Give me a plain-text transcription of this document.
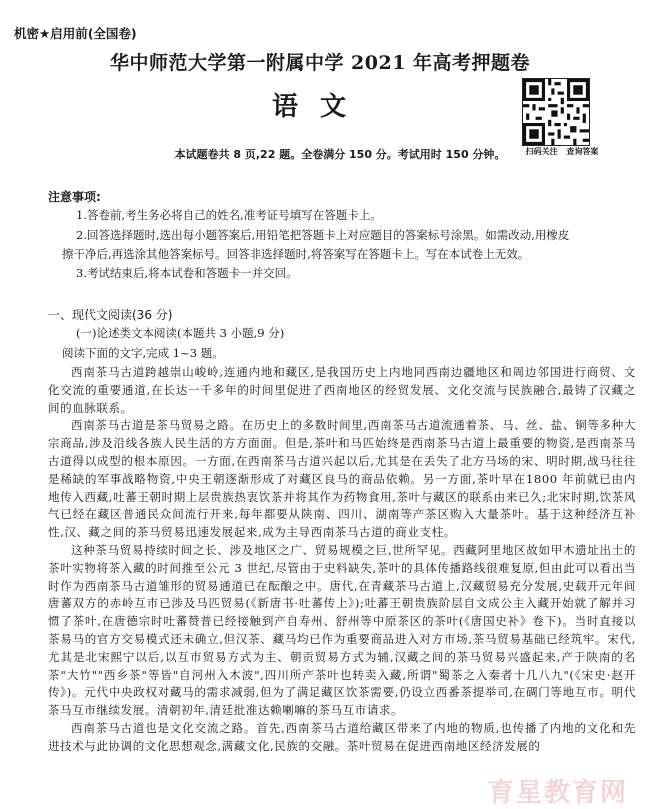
机密★启用前(全国卷)
华中师范大学第一附属中学 2021 年高考押题卷
语文
扫码关注 查询答案
本试题卷共 8 页,22 题。全卷满分 150 分。考试用时 150 分钟。
注意事项:
1.答卷前,考生务必将自己的姓名,准考证号填写在答题卡上。
2.回答选择题时,选出每小题答案后,用铅笔把答题卡上对应题目的答案标号涂黑。如需改动,用橡皮
擦干净后,再选涂其他答案标号。回答非选择题时,将答案写在答题卡上。写在本试卷上无效。
3.考试结束后,将本试卷和答题卡一并交回。
一、现代文阅读(36 分)
(一)论述类文本阅读(本题共 3 小题,9 分)
阅读下面的文字,完成 1~3 题。

西南茶马古道跨越崇山峻岭,连通内地和藏区,是我国历史上内地同西南边疆地区和周边邻国进行商贸、文化交流的重要通道,在长达一千多年的时间里促进了西南地区的经贸发展、文化交流与民族融合,最铸了汉藏之间的血脉联系。

西南茶马古道是茶马贸易之路。在历史上的多数时间里,西南茶马古道流通着茶、马、丝、盐、铜等多种大宗商品,涉及沿线各族人民生活的方方面面。但是,茶叶和马匹始终是西南茶马古道上最重要的物资,是西南茶马古道得以成型的根本原因。一方面,在西南茶马古道兴起以后,尤其是在丢失了北方马场的宋、明时期,战马往往是稀缺的军事战略物资,中央王朝逐渐形成了对藏区良马的商品依赖。另一方面,茶叶早在1800 年前就已由内地传入西藏,吐蕃王朝时期上层贵族热衷饮茶并将其作为药物食用,茶叶与藏区的联系由来已久;北宋时期,饮茶风气已经在藏区普通民众间流行开来,每年都要从陕南、四川、湖南等产茶区购入大量茶叶。基于这种经济互补性,汉、藏之间的茶马贸易迅速发展起来,成为主导西南茶马古道的商业支柱。

这种茶马贸易持续时间之长、涉及地区之广、贸易规模之巨,世所罕见。西藏阿里地区故如甲木遗址出土的茶叶实物将茶入藏的时间推至公元 3 世纪,尽管由于史料缺失,茶叶的具体传播路线很难复原,但由此可以看出当时作为西南茶马古道雏形的贸易通道已在酝酿之中。唐代,在青藏茶马古道上,汉藏贸易充分发展,史载开元年间唐蕃双方的赤岭互市已涉及马匹贸易(《新唐书·吐蕃传上》);吐蕃王朝贵族阶层自文成公主入藏开始就了解并习惯了茶叶,在唐德宗时吐蕃赞普已经接触到产自寿州、舒州等中原茶区的茶叶(《唐国史补》卷下)。当时直接以茶易马的官方交易模式还未确立,但汉茶、藏马均已作为重要商品进入对方市场,茶马贸易基础已经筑牢。宋代,尤其是北宋熙宁以后,以互市贸易方式为主、朝贡贸易方式为辅,汉藏之间的茶马贸易兴盛起来,产于陕南的名茶"大竹""西乡茶"等皆"自河州入木波",四川所产茶叶也转卖入藏,所谓"蜀茶之入秦者十几八九"(《宋史·赵开传》)。元代中央政权对藏马的需求减弱,但为了满足藏区饮茶需要,仍设立西番茶提举司,在碉门等地互市。明代茶马互市继续发展。清朝初年,清廷批准达赖喇嘛的茶马互市请求。

西南茶马古道也是文化交流之路。首先,西南茶马古道给藏区带来了内地的物质,也传播了内地的文化和先进技术与此协调的文化思想观念,满藏文化,民族的交融。茶叶贸易在促进西南地区经济发展的

育星教育网
